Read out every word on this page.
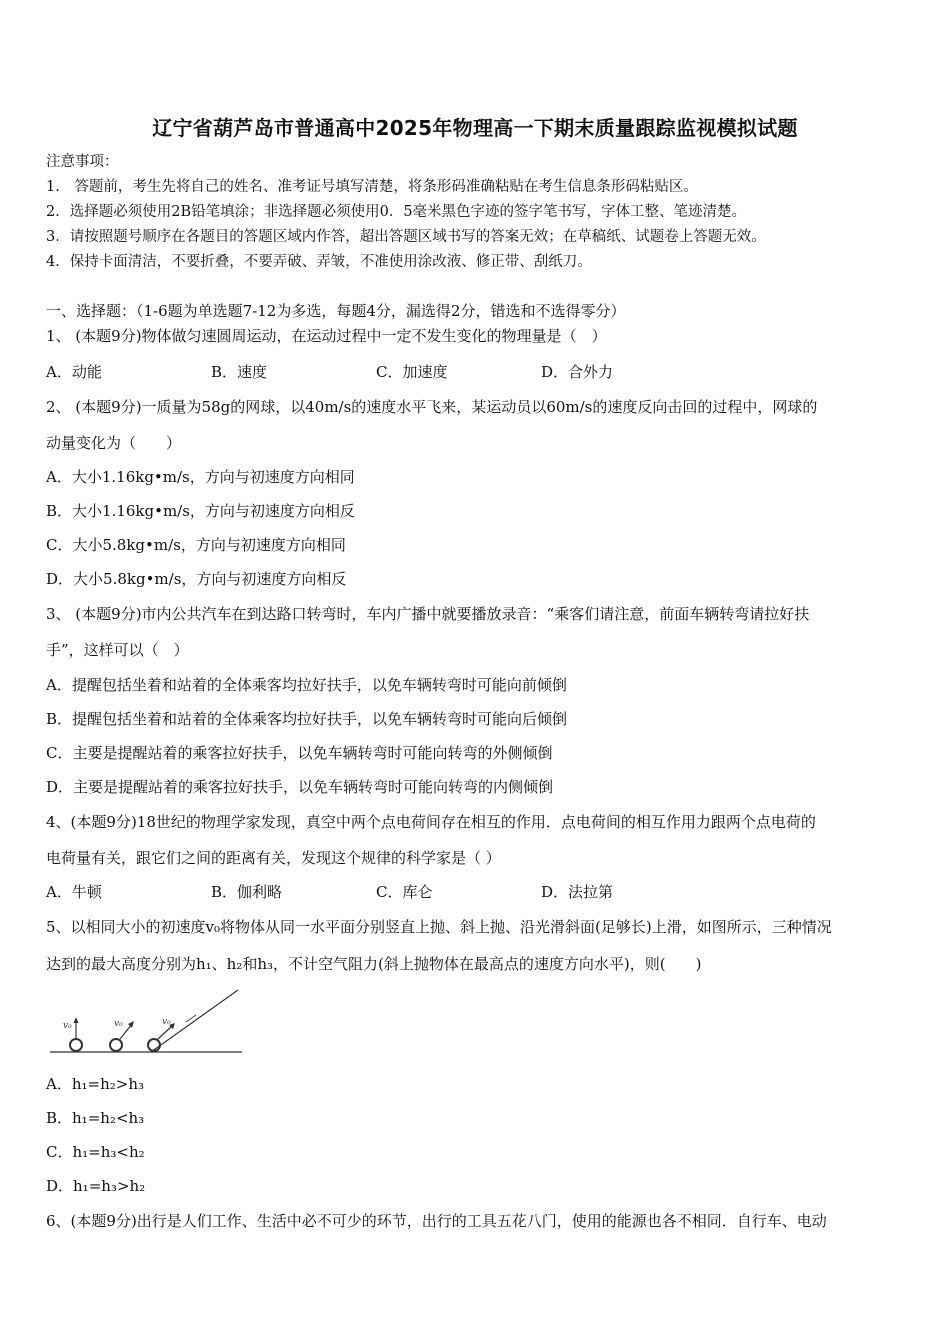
辽宁省葫芦岛市普通高中2025年物理高一下期末质量跟踪监视模拟试题
注意事项：
1.　答题前，考生先将自己的姓名、准考证号填写清楚，将条形码准确粘贴在考生信息条形码粘贴区。
2．选择题必须使用2B铅笔填涂；非选择题必须使用0．5毫米黑色字迹的签字笔书写，字体工整、笔迹清楚。
3．请按照题号顺序在各题目的答题区域内作答，超出答题区域书写的答案无效；在草稿纸、试题卷上答题无效。
4．保持卡面清洁，不要折叠，不要弄破、弄皱，不准使用涂改液、修正带、刮纸刀。
一、选择题：（1-6题为单选题7-12为多选，每题4分，漏选得2分，错选和不选得零分）
1、 (本题9分)物体做匀速圆周运动，在运动过程中一定不发生变化的物理量是（　）
A．动能	B．速度	C．加速度	D．合外力
2、 (本题9分)一质量为58g的网球，以40m/s的速度水平飞来，某运动员以60m/s的速度反向击回的过程中，网球的
动量变化为（　　）
A．大小1.16kg•m/s，方向与初速度方向相同
B．大小1.16kg•m/s，方向与初速度方向相反
C．大小5.8kg•m/s，方向与初速度方向相同
D．大小5.8kg•m/s，方向与初速度方向相反
3、 (本题9分)市内公共汽车在到达路口转弯时，车内广播中就要播放录音：“乘客们请注意，前面车辆转弯请拉好扶
手”，这样可以（　）
A．提醒包括坐着和站着的全体乘客均拉好扶手，以免车辆转弯时可能向前倾倒
B．提醒包括坐着和站着的全体乘客均拉好扶手，以免车辆转弯时可能向后倾倒
C．主要是提醒站着的乘客拉好扶手，以免车辆转弯时可能向转弯的外侧倾倒
D．主要是提醒站着的乘客拉好扶手，以免车辆转弯时可能向转弯的内侧倾倒
4、(本题9分)18世纪的物理学家发现，真空中两个点电荷间存在相互的作用．点电荷间的相互作用力跟两个点电荷的
电荷量有关，跟它们之间的距离有关，发现这个规律的科学家是（ ）
A．牛顿	B．伽利略	C．库仑	D．法拉第
5、以相同大小的初速度v₀将物体从同一水平面分别竖直上抛、斜上抛、沿光滑斜面(足够长)上滑，如图所示，三种情况
达到的最大高度分别为h₁、h₂和h₃，不计空气阻力(斜上抛物体在最高点的速度方向水平)，则(　　)
v₀	v₀	v₀
A．h₁=h₂>h₃
B．h₁=h₂<h₃
C．h₁=h₃<h₂
D．h₁=h₃>h₂
6、(本题9分)出行是人们工作、生活中必不可少的环节，出行的工具五花八门，使用的能源也各不相同．自行车、电动
